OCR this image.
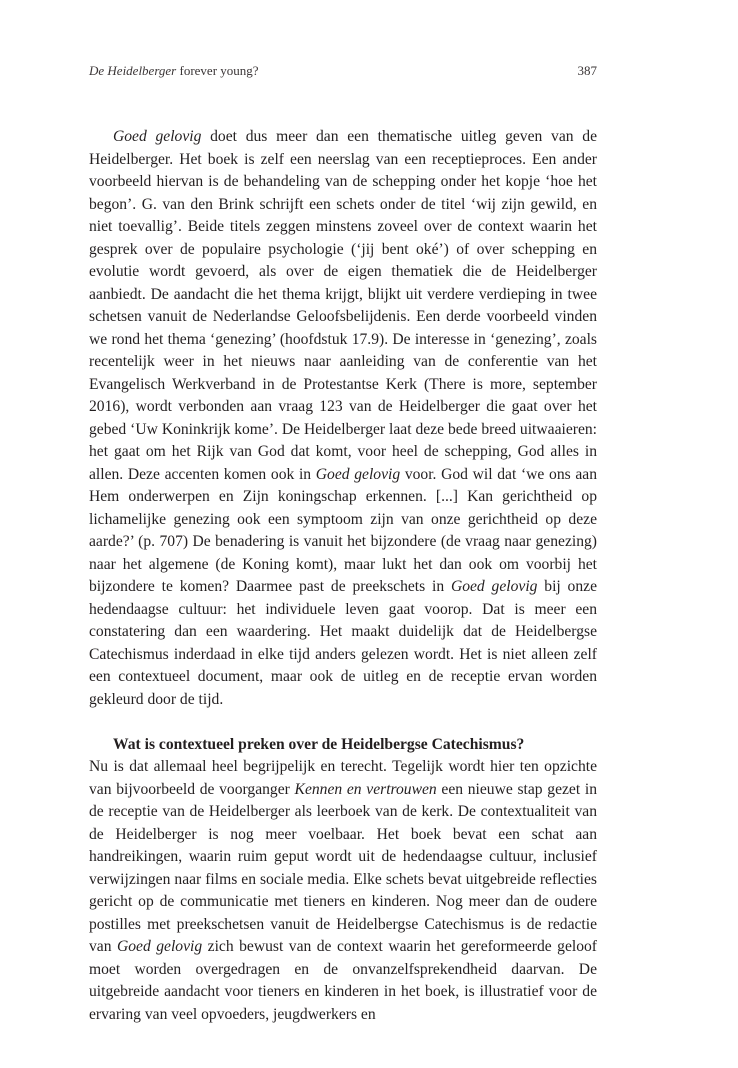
De Heidelberger forever young?	387

Goed gelovig doet dus meer dan een thematische uitleg geven van de Heidelberger. Het boek is zelf een neerslag van een receptieproces. Een ander voorbeeld hiervan is de behandeling van de schepping onder het kopje ‘hoe het begon’. G. van den Brink schrijft een schets onder de titel ‘wij zijn gewild, en niet toevallig’. Beide titels zeggen minstens zoveel over de context waarin het gesprek over de populaire psychologie (‘jij bent oké’) of over schepping en evolutie wordt gevoerd, als over de eigen thematiek die de Heidelberger aanbiedt. De aandacht die het thema krijgt, blijkt uit verdere verdieping in twee schetsen vanuit de Nederlandse Geloofsbelijdenis. Een derde voorbeeld vinden we rond het thema ‘genezing’ (hoofdstuk 17.9). De interesse in ‘genezing’, zoals recentelijk weer in het nieuws naar aanleiding van de conferentie van het Evangelisch Werkverband in de Protestantse Kerk (There is more, september 2016), wordt verbonden aan vraag 123 van de Heidelberger die gaat over het gebed ‘Uw Koninkrijk kome’. De Heidelberger laat deze bede breed uitwaaieren: het gaat om het Rijk van God dat komt, voor heel de schepping, God alles in allen. Deze accenten komen ook in Goed gelovig voor. God wil dat ‘we ons aan Hem onderwerpen en Zijn koningschap erkennen. [...] Kan gerichtheid op lichamelijke genezing ook een symptoom zijn van onze gerichtheid op deze aarde?’ (p. 707) De benadering is vanuit het bijzondere (de vraag naar genezing) naar het algemene (de Koning komt), maar lukt het dan ook om voorbij het bijzondere te komen? Daarmee past de preekschets in Goed gelovig bij onze hedendaagse cultuur: het individuele leven gaat voorop. Dat is meer een constatering dan een waardering. Het maakt duidelijk dat de Heidelbergse Catechismus inderdaad in elke tijd anders gelezen wordt. Het is niet alleen zelf een contextueel document, maar ook de uitleg en de receptie ervan worden gekleurd door de tijd.

Wat is contextueel preken over de Heidelbergse Catechismus?

Nu is dat allemaal heel begrijpelijk en terecht. Tegelijk wordt hier ten opzichte van bijvoorbeeld de voorganger Kennen en vertrouwen een nieuwe stap gezet in de receptie van de Heidelberger als leerboek van de kerk. De contextualiteit van de Heidelberger is nog meer voelbaar. Het boek bevat een schat aan handreikingen, waarin ruim geput wordt uit de hedendaagse cultuur, inclusief verwijzingen naar films en sociale media. Elke schets bevat uitgebreide reflecties gericht op de communicatie met tieners en kinderen. Nog meer dan de oudere postilles met preekschetsen vanuit de Heidelbergse Catechismus is de redactie van Goed gelovig zich bewust van de context waarin het gereformeerde geloof moet worden overgedragen en de onvanzelfsprekendheid daarvan. De uitgebreide aandacht voor tieners en kinderen in het boek, is illustratief voor de ervaring van veel opvoeders, jeugdwerkers en
